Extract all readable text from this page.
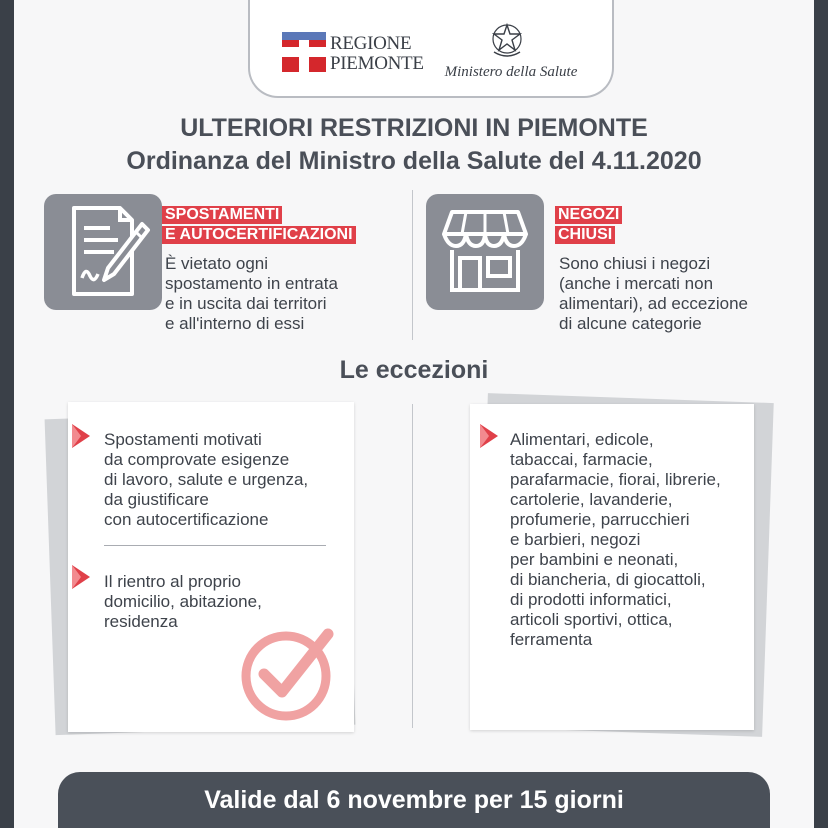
REGIONE
PIEMONTE	Ministero della Salute
ULTERIORI RESTRIZIONI IN PIEMONTE
Ordinanza del Ministro della Salute del 4.11.2020
SPOSTAMENTI
E AUTOCERTIFICAZIONI
È vietato ogni
spostamento in entrata
e in uscita dai territori
e all'interno di essi
NEGOZI
CHIUSI
Sono chiusi i negozi
(anche i mercati non
alimentari), ad eccezione
di alcune categorie
Le eccezioni
Spostamenti motivati
da comprovate esigenze
di lavoro, salute e urgenza,
da giustificare
con autocertificazione
Il rientro al proprio
domicilio, abitazione,
residenza
Alimentari, edicole,
tabaccai, farmacie,
parafarmacie, fiorai, librerie,
cartolerie, lavanderie,
profumerie, parrucchieri
e barbieri, negozi
per bambini e neonati,
di biancheria, di giocattoli,
di prodotti informatici,
articoli sportivi, ottica,
ferramenta
Valide dal 6 novembre per 15 giorni
